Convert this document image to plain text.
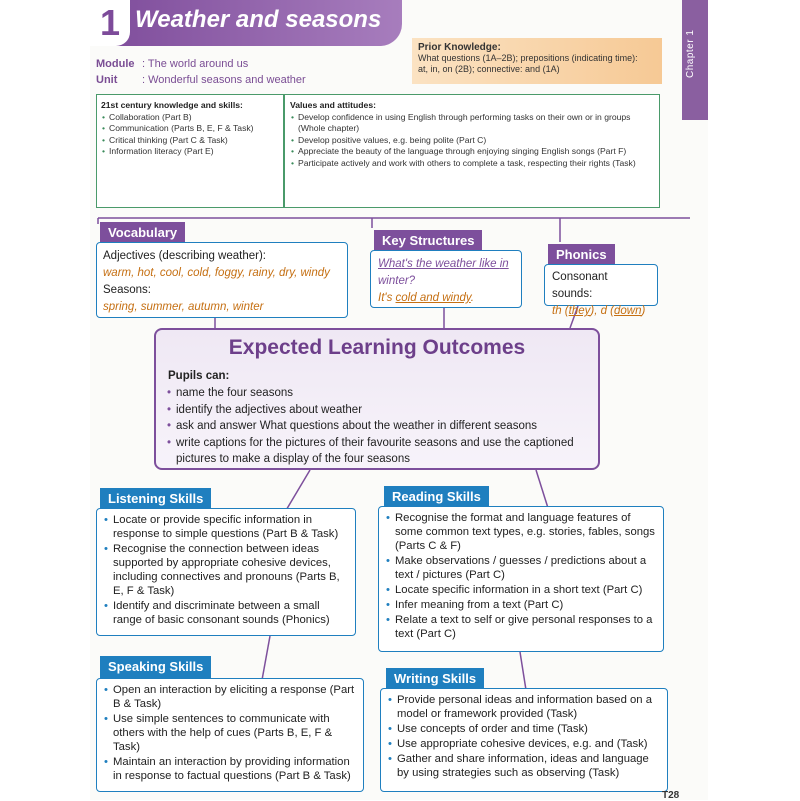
Chapter 1
1 Weather and seasons
Module : The world around us
Unit : Wonderful seasons and weather
Prior Knowledge:
What questions (1A–2B); prepositions (indicating time):
at, in, on (2B); connective: and (1A)
21st century knowledge and skills:
• Collaboration (Part B)
• Communication (Parts B, E, F & Task)
• Critical thinking (Part C & Task)
• Information literacy (Part E)
Values and attitudes:
• Develop confidence in using English through performing tasks on their own or in groups (Whole chapter)
• Develop positive values, e.g. being polite (Part C)
• Appreciate the beauty of the language through enjoying singing English songs (Part F)
• Participate actively and work with others to complete a task, respecting their rights (Task)
Vocabulary
Adjectives (describing weather):
warm, hot, cool, cold, foggy, rainy, dry, windy
Seasons:
spring, summer, autumn, winter
Key Structures
What's the weather like in winter?
It's cold and windy.
Phonics
Consonant sounds:
th (they), d (down)
Expected Learning Outcomes
Pupils can:
• name the four seasons
• identify the adjectives about weather
• ask and answer What questions about the weather in different seasons
• write captions for the pictures of their favourite seasons and use the captioned pictures to make a display of the four seasons
Listening Skills
• Locate or provide specific information in response to simple questions (Part B & Task)
• Recognise the connection between ideas supported by appropriate cohesive devices, including connectives and pronouns (Parts B, E, F & Task)
• Identify and discriminate between a small range of basic consonant sounds (Phonics)
Reading Skills
• Recognise the format and language features of some common text types, e.g. stories, fables, songs (Parts C & F)
• Make observations / guesses / predictions about a text / pictures (Part C)
• Locate specific information in a short text (Part C)
• Infer meaning from a text (Part C)
• Relate a text to self or give personal responses to a text (Part C)
Speaking Skills
• Open an interaction by eliciting a response (Part B & Task)
• Use simple sentences to communicate with others with the help of cues (Parts B, E, F & Task)
• Maintain an interaction by providing information in response to factual questions (Part B & Task)
Writing Skills
• Provide personal ideas and information based on a model or framework provided (Task)
• Use concepts of order and time (Task)
• Use appropriate cohesive devices, e.g. and (Task)
• Gather and share information, ideas and language by using strategies such as observing (Task)
T28
